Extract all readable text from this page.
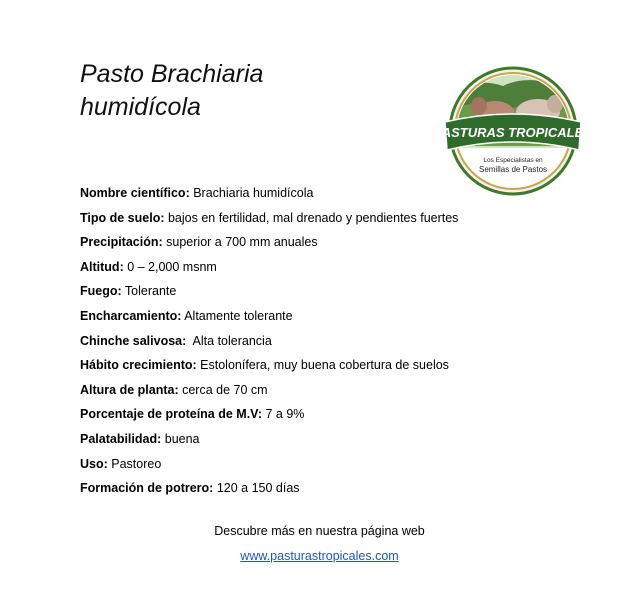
Pasto Brachiaria
humidícola
PASTURAS TROPICALES
Los Especialistas en
Semillas de Pastos
Nombre científico: Brachiaria humidícola
Tipo de suelo: bajos en fertilidad, mal drenado y pendientes fuertes
Precipitación: superior a 700 mm anuales
Altitud: 0 – 2,000 msnm
Fuego: Tolerante
Encharcamiento: Altamente tolerante
Chinche salivosa:  Alta tolerancia
Hábito crecimiento: Estolonífera, muy buena cobertura de suelos
Altura de planta: cerca de 70 cm
Porcentaje de proteína de M.V: 7 a 9%
Palatabilidad: buena
Uso: Pastoreo
Formación de potrero: 120 a 150 días
Descubre más en nuestra página web
www.pasturastropicales.com
